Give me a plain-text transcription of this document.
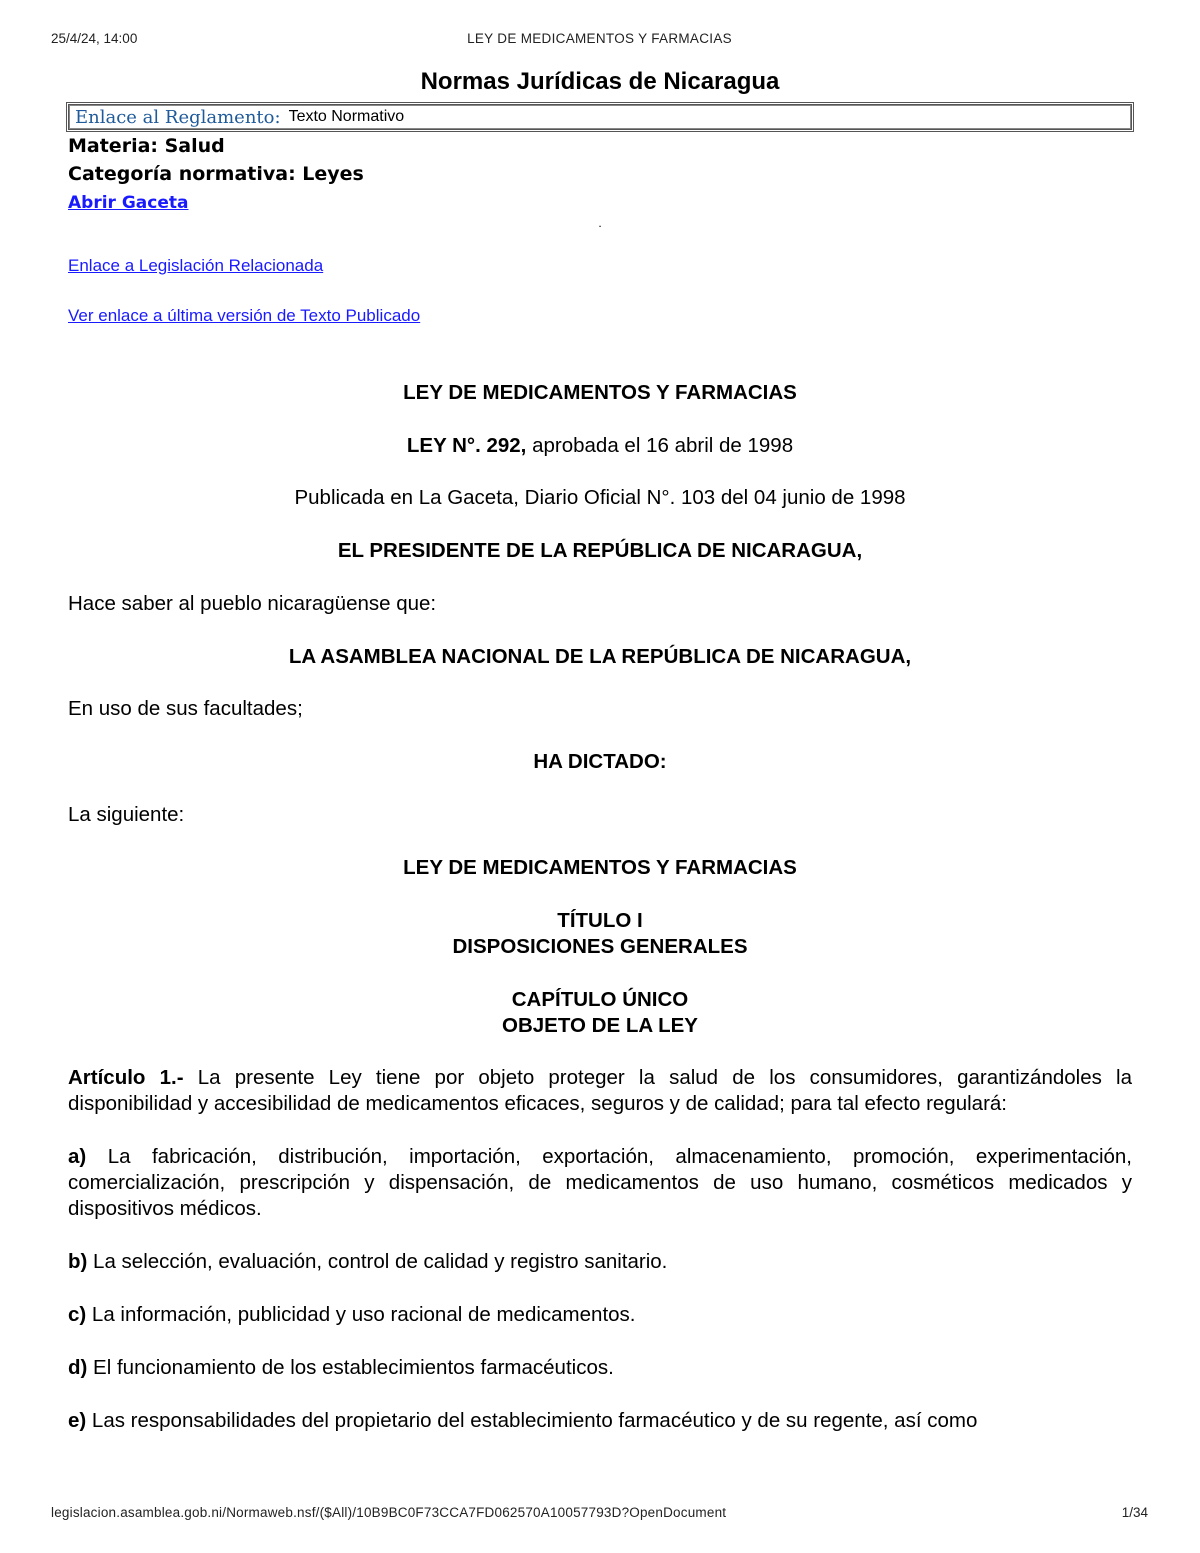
25/4/24, 14:00	LEY DE MEDICAMENTOS Y FARMACIAS
Normas Jurídicas de Nicaragua
Enlace al Reglamento: Texto Normativo
Materia: Salud
Categoría normativa: Leyes
Abrir Gaceta
.
Enlace a Legislación Relacionada
Ver enlace a última versión de Texto Publicado

LEY DE MEDICAMENTOS Y FARMACIAS

LEY N°. 292, aprobada el 16 abril de 1998

Publicada en La Gaceta, Diario Oficial N°. 103 del 04 junio de 1998

EL PRESIDENTE DE LA REPÚBLICA DE NICARAGUA,

Hace saber al pueblo nicaragüense que:

LA ASAMBLEA NACIONAL DE LA REPÚBLICA DE NICARAGUA,

En uso de sus facultades;

HA DICTADO:

La siguiente:

LEY DE MEDICAMENTOS Y FARMACIAS

TÍTULO I

DISPOSICIONES GENERALES

CAPÍTULO ÚNICO

OBJETO DE LA LEY

Artículo 1.- La presente Ley tiene por objeto proteger la salud de los consumidores, garantizándoles la disponibilidad y accesibilidad de medicamentos eficaces, seguros y de calidad; para tal efecto regulará:

a) La fabricación, distribución, importación, exportación, almacenamiento, promoción, experimentación, comercialización, prescripción y dispensación, de medicamentos de uso humano, cosméticos medicados y dispositivos médicos.

b) La selección, evaluación, control de calidad y registro sanitario.

c) La información, publicidad y uso racional de medicamentos.

d) El funcionamiento de los establecimientos farmacéuticos.

e) Las responsabilidades del propietario del establecimiento farmacéutico y de su regente, así como

legislacion.asamblea.gob.ni/Normaweb.nsf/($All)/10B9BC0F73CCA7FD062570A10057793D?OpenDocument	1/34
